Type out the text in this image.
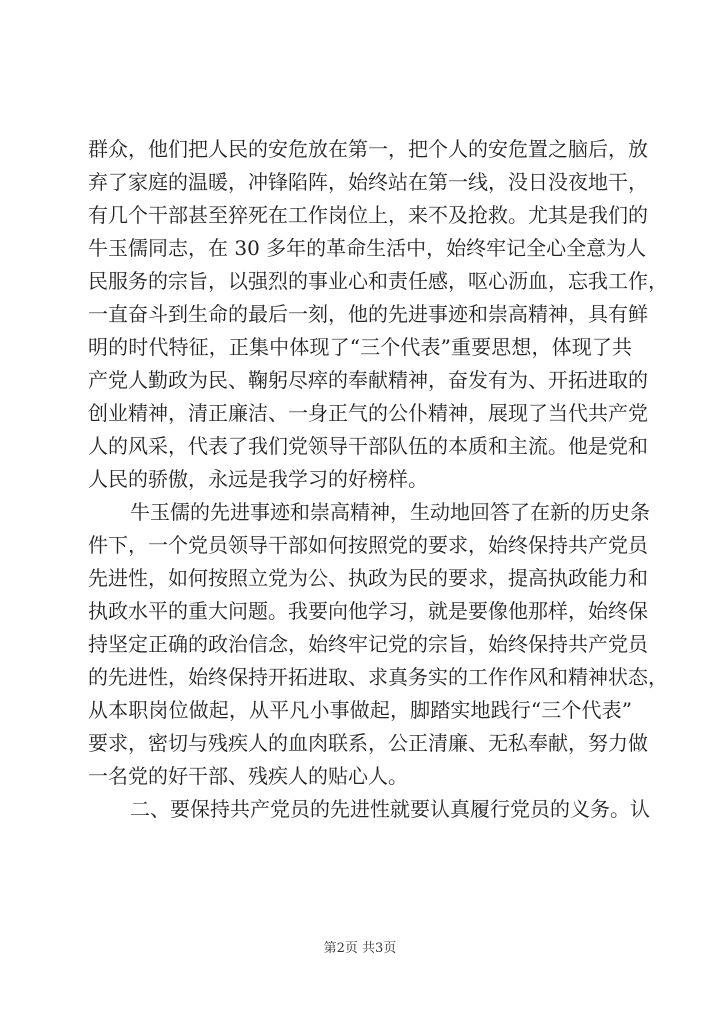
群众，他们把人民的安危放在第一，把个人的安危置之脑后，放
弃了家庭的温暖，冲锋陷阵，始终站在第一线，没日没夜地干，
有几个干部甚至猝死在工作岗位上，来不及抢救。尤其是我们的
牛玉儒同志，在 30 多年的革命生活中，始终牢记全心全意为人
民服务的宗旨，以强烈的事业心和责任感，呕心沥血，忘我工作，
一直奋斗到生命的最后一刻，他的先进事迹和崇高精神，具有鲜
明的时代特征，正集中体现了“三个代表”重要思想，体现了共
产党人勤政为民、鞠躬尽瘁的奉献精神，奋发有为、开拓进取的
创业精神，清正廉洁、一身正气的公仆精神，展现了当代共产党
人的风采，代表了我们党领导干部队伍的本质和主流。他是党和
人民的骄傲，永远是我学习的好榜样。
牛玉儒的先进事迹和崇高精神，生动地回答了在新的历史条
件下，一个党员领导干部如何按照党的要求，始终保持共产党员
先进性，如何按照立党为公、执政为民的要求，提高执政能力和
执政水平的重大问题。我要向他学习，就是要像他那样，始终保
持坚定正确的政治信念，始终牢记党的宗旨，始终保持共产党员
的先进性，始终保持开拓进取、求真务实的工作作风和精神状态，
从本职岗位做起，从平凡小事做起，脚踏实地践行“三个代表”
要求，密切与残疾人的血肉联系，公正清廉、无私奉献，努力做
一名党的好干部、残疾人的贴心人。
二、要保持共产党员的先进性就要认真履行党员的义务。认
第2页 共3页
